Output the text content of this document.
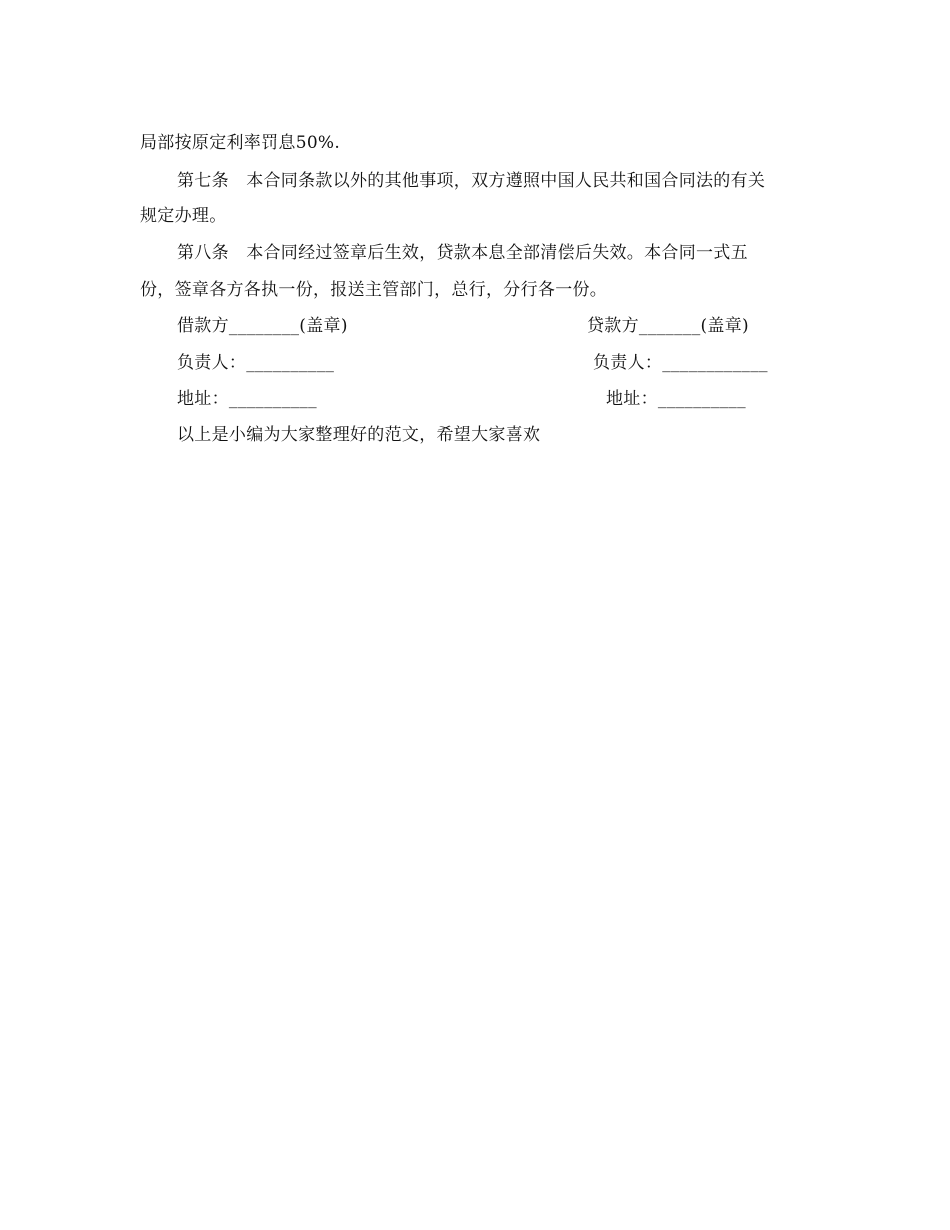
局部按原定利率罚息50%.
第七条　本合同条款以外的其他事项，双方遵照中国人民共和国合同法的有关
规定办理。
第八条　本合同经过签章后生效，贷款本息全部清偿后失效。本合同一式五
份，签章各方各执一份，报送主管部门，总行，分行各一份。
借款方________(盖章)	贷款方_______(盖章)
负责人：__________	负责人：____________
地址：__________	地址：__________
以上是小编为大家整理好的范文，希望大家喜欢
